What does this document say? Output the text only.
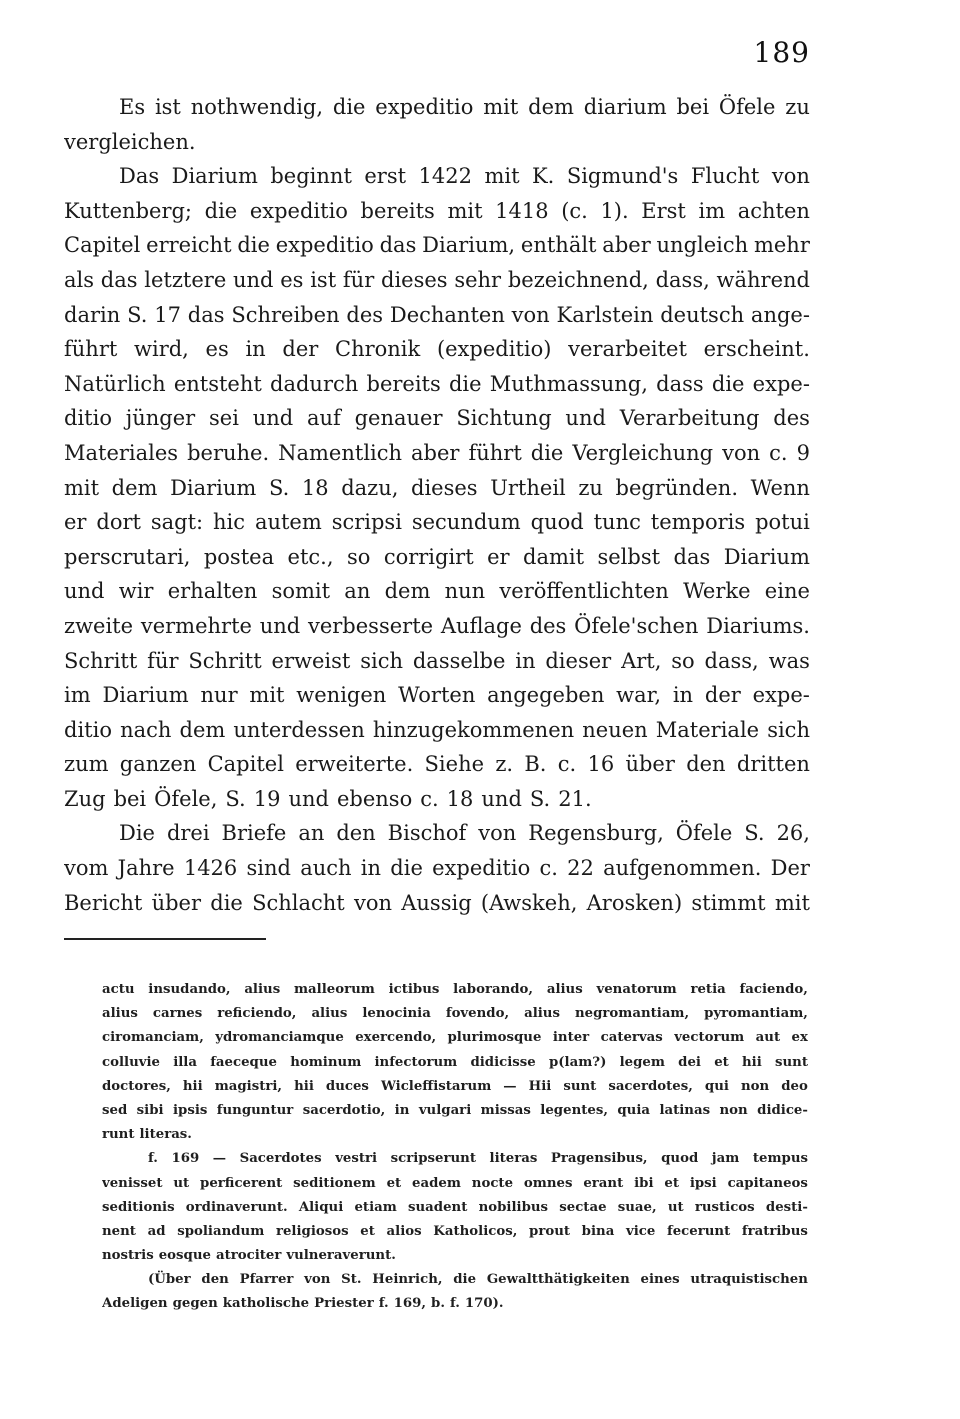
189
Es ist nothwendig, die expeditio mit dem diarium bei Öfele zu
vergleichen.
Das Diarium beginnt erst 1422 mit K. Sigmund's Flucht von
Kuttenberg; die expeditio bereits mit 1418 (c. 1). Erst im achten
Capitel erreicht die expeditio das Diarium, enthält aber ungleich mehr
als das letztere und es ist für dieses sehr bezeichnend, dass, während
darin S. 17 das Schreiben des Dechanten von Karlstein deutsch ange-
führt wird, es in der Chronik (expeditio) verarbeitet erscheint.
Natürlich entsteht dadurch bereits die Muthmassung, dass die expe-
ditio jünger sei und auf genauer Sichtung und Verarbeitung des
Materiales beruhe. Namentlich aber führt die Vergleichung von c. 9
mit dem Diarium S. 18 dazu, dieses Urtheil zu begründen. Wenn
er dort sagt: hic autem scripsi secundum quod tunc temporis potui
perscrutari, postea etc., so corrigirt er damit selbst das Diarium
und wir erhalten somit an dem nun veröffentlichten Werke eine
zweite vermehrte und verbesserte Auflage des Öfele'schen Diariums.
Schritt für Schritt erweist sich dasselbe in dieser Art, so dass, was
im Diarium nur mit wenigen Worten angegeben war, in der expe-
ditio nach dem unterdessen hinzugekommenen neuen Materiale sich
zum ganzen Capitel erweiterte. Siehe z. B. c. 16 über den dritten
Zug bei Öfele, S. 19 und ebenso c. 18 und S. 21.
Die drei Briefe an den Bischof von Regensburg, Öfele S. 26,
vom Jahre 1426 sind auch in die expeditio c. 22 aufgenommen. Der
Bericht über die Schlacht von Aussig (Awskeh, Arosken) stimmt mit
actu insudando, alius malleorum ictibus laborando, alius venatorum retia faciendo,
alius carnes reficiendo, alius lenocinia fovendo, alius negromantiam, pyromantiam,
ciromanciam, ydromanciamque exercendo, plurimosque inter catervas vectorum aut ex
colluvie illa faeceque hominum infectorum didicisse p(lam?) legem dei et hii sunt
doctores, hii magistri, hii duces Wicleffistarum — Hii sunt sacerdotes, qui non deo
sed sibi ipsis funguntur sacerdotio, in vulgari missas legentes, quia latinas non didice-
runt literas.
f. 169 — Sacerdotes vestri scripserunt literas Pragensibus, quod jam tempus
venisset ut perficerent seditionem et eadem nocte omnes erant ibi et ipsi capitaneos
seditionis ordinaverunt. Aliqui etiam suadent nobilibus sectae suae, ut rusticos desti-
nent ad spoliandum religiosos et alios Katholicos, prout bina vice fecerunt fratribus
nostris eosque atrociter vulneraverunt.
(Über den Pfarrer von St. Heinrich, die Gewaltthätigkeiten eines utraquistischen
Adeligen gegen katholische Priester f. 169, b. f. 170).
